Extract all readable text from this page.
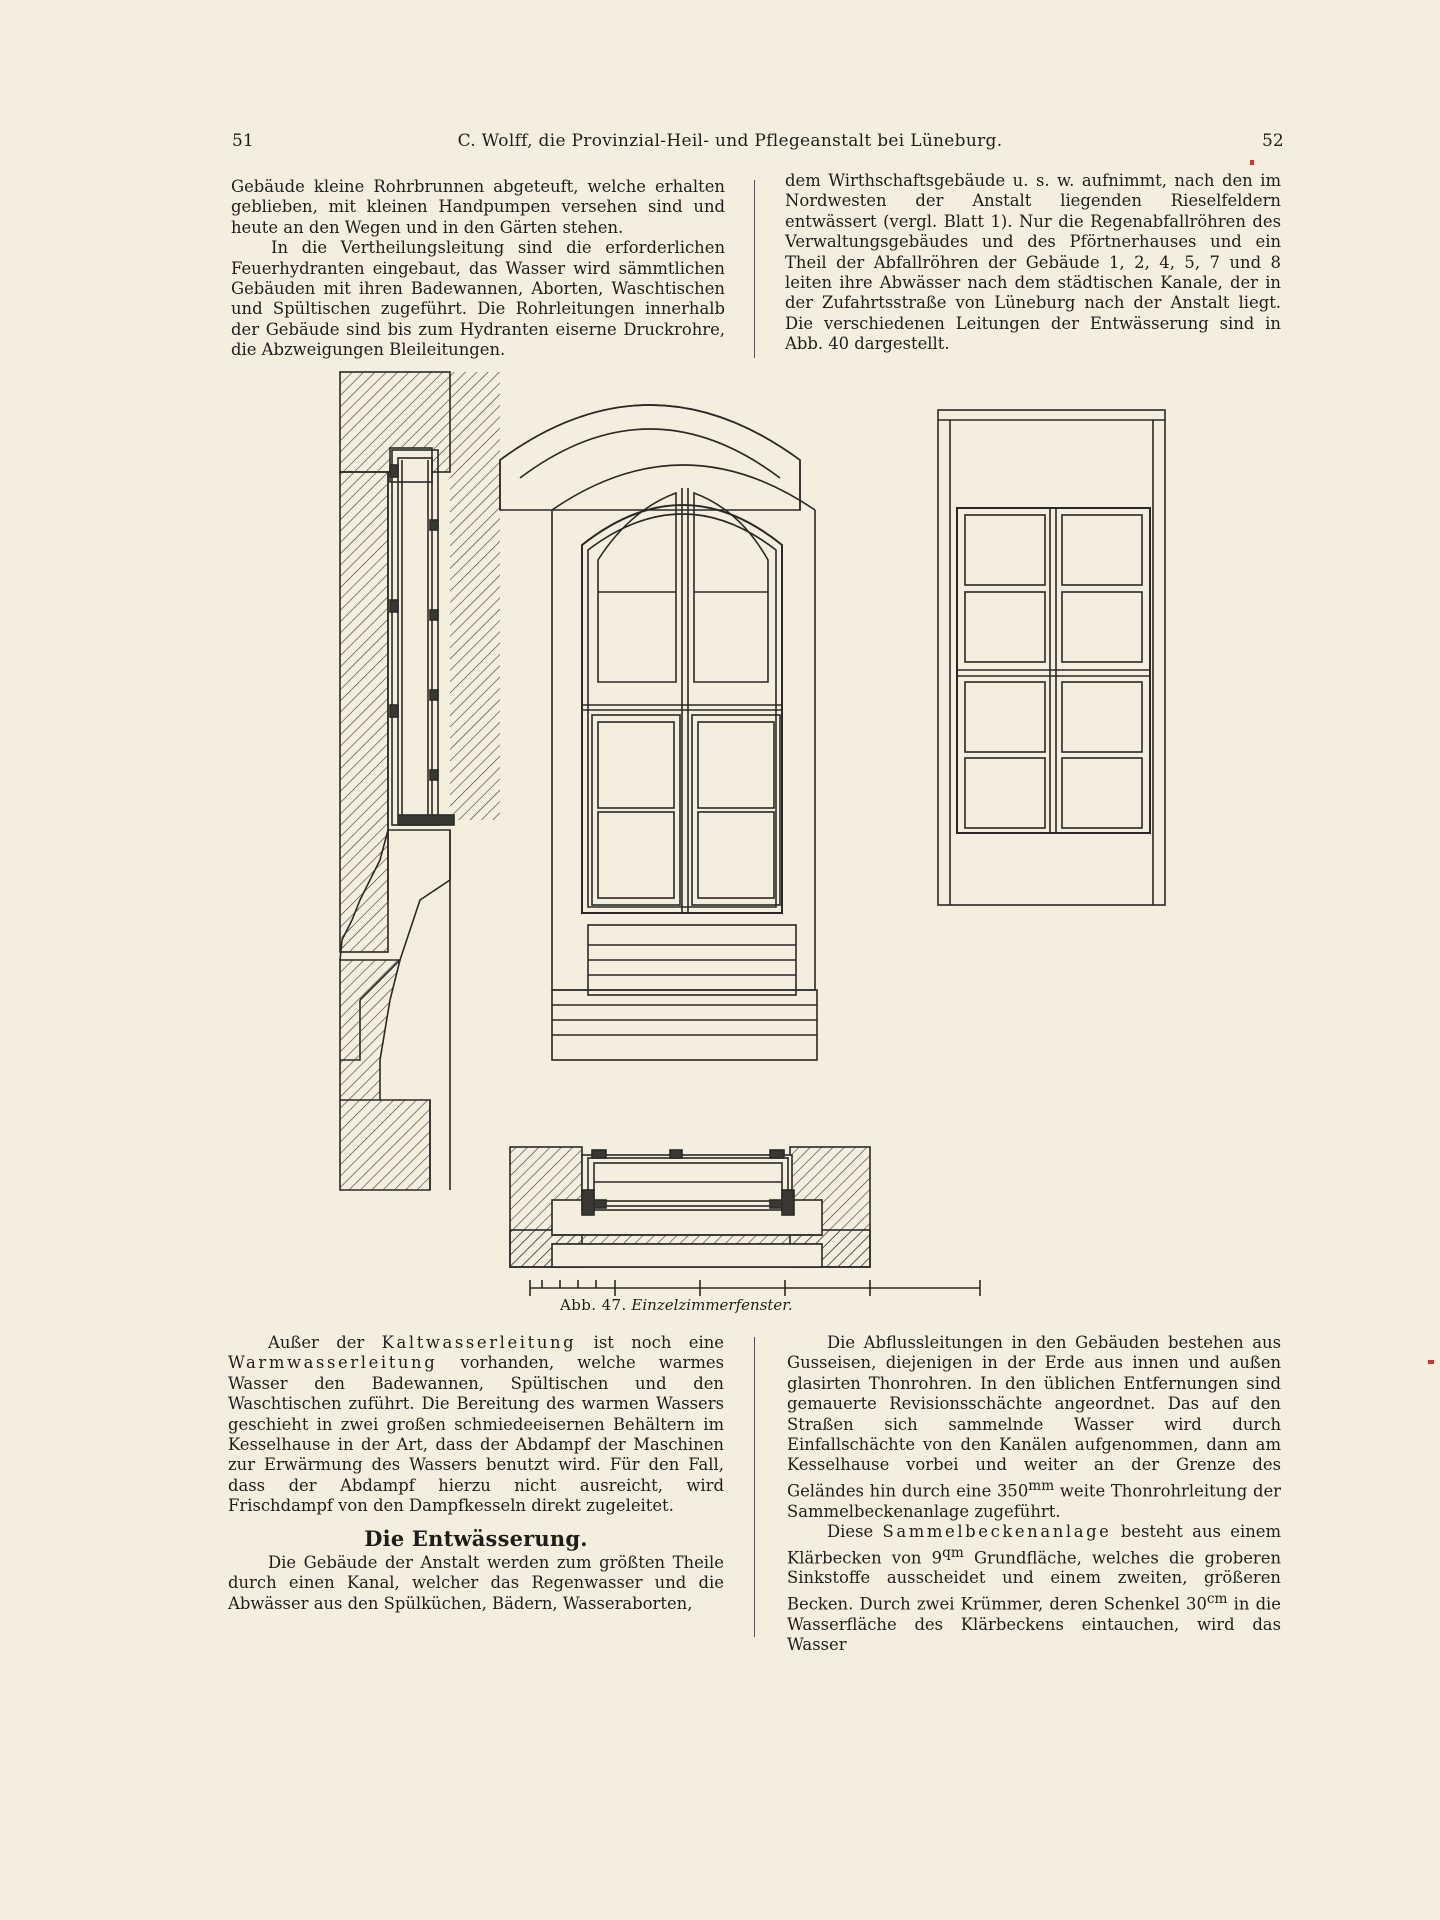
51	C. Wolff, die Provinzial-Heil- und Pflegeanstalt bei Lüneburg.	52

Gebäude kleine Rohrbrunnen abgeteuft, welche erhalten geblieben, mit kleinen Handpumpen versehen sind und heute an den Wegen und in den Gärten stehen.

In die Vertheilungsleitung sind die erforderlichen Feuerhydranten eingebaut, das Wasser wird sämmtlichen Gebäuden mit ihren Badewannen, Aborten, Waschtischen und Spültischen zugeführt. Die Rohrleitungen innerhalb der Gebäude sind bis zum Hydranten eiserne Druckrohre, die Abzweigungen Bleileitungen.

dem Wirthschaftsgebäude u. s. w. aufnimmt, nach den im Nordwesten der Anstalt liegenden Rieselfeldern entwässert (vergl. Blatt 1). Nur die Regenabfallröhren des Verwaltungsgebäudes und des Pförtnerhauses und ein Theil der Abfallröhren der Gebäude 1, 2, 4, 5, 7 und 8 leiten ihre Abwässer nach dem städtischen Kanale, der in der Zufahrtsstraße von Lüneburg nach der Anstalt liegt. Die verschiedenen Leitungen der Entwässerung sind in Abb. 40 dargestellt.

Abb. 47. Einzelzimmerfenster.

Außer der Kaltwasserleitung ist noch eine Warmwasserleitung vorhanden, welche warmes Wasser den Badewannen, Spültischen und den Waschtischen zuführt. Die Bereitung des warmen Wassers geschieht in zwei großen schmiedeeisernen Behältern im Kesselhause in der Art, dass der Abdampf der Maschinen zur Erwärmung des Wassers benutzt wird. Für den Fall, dass der Abdampf hierzu nicht ausreicht, wird Frischdampf von den Dampfkesseln direkt zugeleitet.

Die Entwässerung.

Die Gebäude der Anstalt werden zum größten Theile durch einen Kanal, welcher das Regenwasser und die Abwässer aus den Spülküchen, Bädern, Wasseraborten,

Die Abflussleitungen in den Gebäuden bestehen aus Gusseisen, diejenigen in der Erde aus innen und außen glasirten Thonrohren. In den üblichen Entfernungen sind gemauerte Revisionsschächte angeordnet. Das auf den Straßen sich sammelnde Wasser wird durch Einfallschächte von den Kanälen aufgenommen, dann am Kesselhause vorbei und weiter an der Grenze des Geländes hin durch eine $350^{mm}$ weite Thonrohrleitung der Sammelbeckenanlage zugeführt.

Diese Sammelbeckenanlage besteht aus einem Klärbecken von $9^{qm}$ Grundfläche, welches die groberen Sinkstoffe ausscheidet und einem zweiten, größeren Becken. Durch zwei Krümmer, deren Schenkel $30^{cm}$ in die Wasserfläche des Klärbeckens eintauchen, wird das Wasser
